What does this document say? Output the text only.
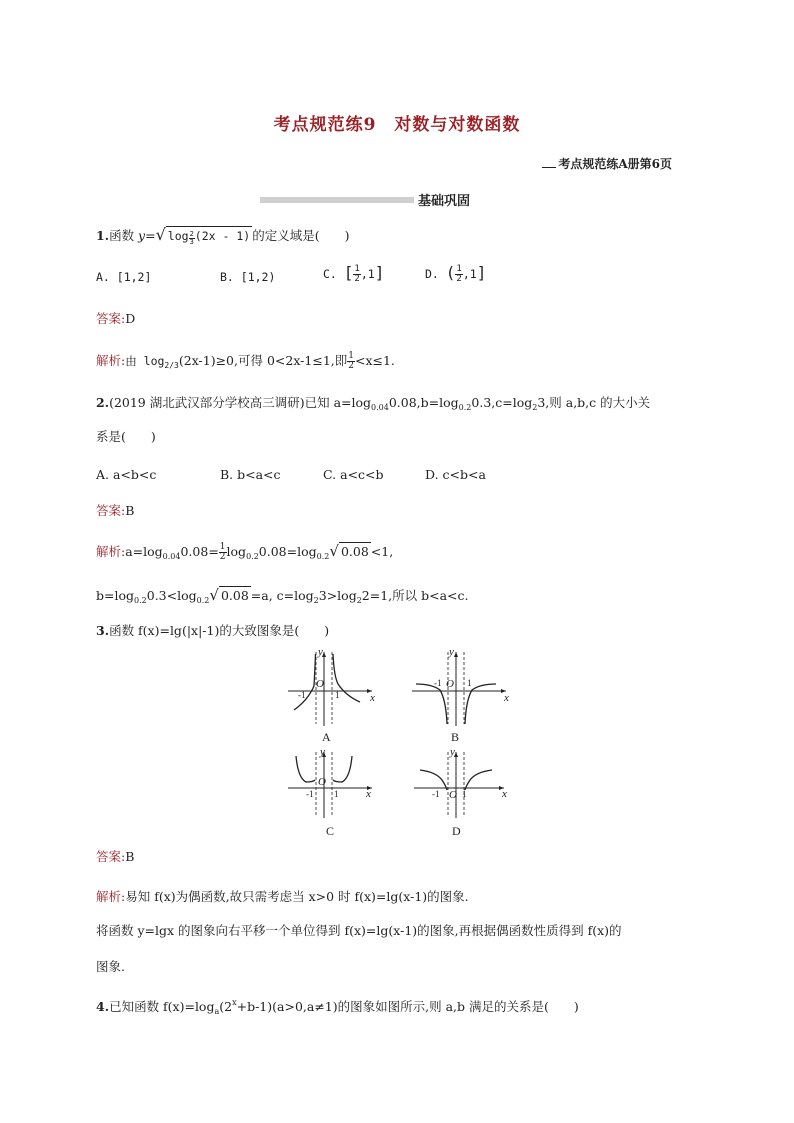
考点规范练9　对数与对数函数
考点规范练A册第6页
基础巩固
1.函数 y=√ $\log \frac{2}{3} (2x - 1)$ 的定义域是(　　)
A. [1,2]	B. [1,2)	C. [ $\frac{1}{2} ,1$]	D. ( $\frac{1}{2} ,1$]
答案:D
解析:由 $\log_{2/3}(2x-1)\ge 0$,可得 0<2x-1≤1,即 $\frac{1}{2} <x\le 1$.
2.(2019 湖北武汉部分学校高三调研)已知 $a=\log_{0.04}0.08,b=\log_{0.2}0.3,c=\log_23$,则 a,b,c 的大小关
系是(　　)
A. a<b<c	B. b<a<c	C. a<c<b	D. c<b<a
答案:B
解析$:a=\log_{0.04}0.08= \frac{1}{2} \log_{0.2}0.08=\log_{0.2}√$ 0.08 <1,
$b=\log_{0.2}0.3<\log_{0.2}√$ 0.08 =a, $c=\log_23>\log_22=1$,所以 b<a<c.
3.函数 f(x)=lg(|x|-1)的大致图象是(　　)
y
x
O
-1	1
A
y
x
O
-1	1
B
y
x
O
-1 1
C
y
x
O
-1	1
D
答案:B
解析:易知 f(x)为偶函数,故只需考虑当 x>0 时 f(x)=lg(x-1)的图象.
将函数 y=lgx 的图象向右平移一个单位得到 f(x)=lg(x-1)的图象,再根据偶函数性质得到 f(x)的
图象.
4.已知函数 $f(x)=\log_a(2^x+b-1)(a>0,a\ne 1)$的图象如图所示,则 a,b 满足的关系是(　　)
